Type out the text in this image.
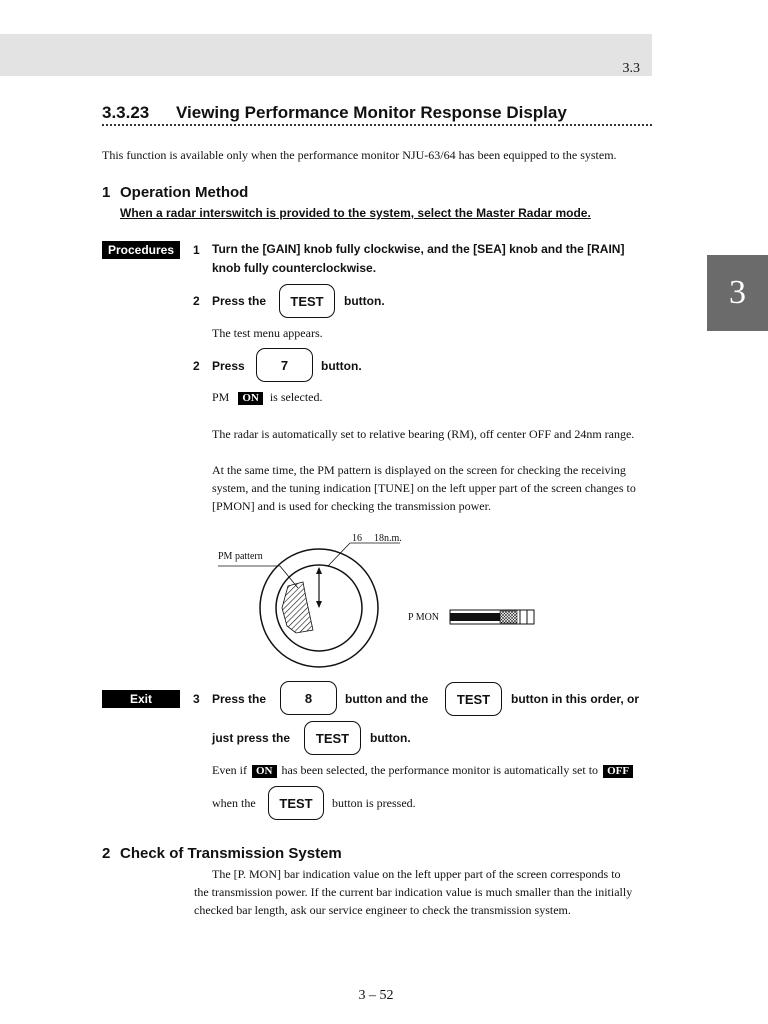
3.3
3
3.3.23 Viewing Performance Monitor Response Display
This function is available only when the performance monitor NJU-63/64 has been equipped to the system.
1 Operation Method
When a radar interswitch is provided to the system, select the Master Radar mode.
Procedures	1 Turn the [GAIN] knob fully clockwise, and the [SEA] knob and the [RAIN]
knob fully counterclockwise.
2 Press the	TEST	button.
The test menu appears.
2 Press	7	button.
PM ON is selected.
The radar is automatically set to relative bearing (RM), off center OFF and 24nm range.
At the same time, the PM pattern is displayed on the screen for checking the receiving system, and the tuning indication [TUNE] on the left upper part of the screen changes to [PMON] and is used for checking the transmission power.
PM pattern
16 18n.m.
P MON
Exit	3 Press the	8	button and the	TEST	button in this order, or
just press the	TEST	button.
Even if ON has been selected, the performance monitor is automatically set to OFF
when the	TEST	button is pressed.
2 Check of Transmission System
The [P. MON] bar indication value on the left upper part of the screen corresponds to
the transmission power. If the current bar indication value is much smaller than the initially
checked bar length, ask our service engineer to check the transmission system.
3 – 52
